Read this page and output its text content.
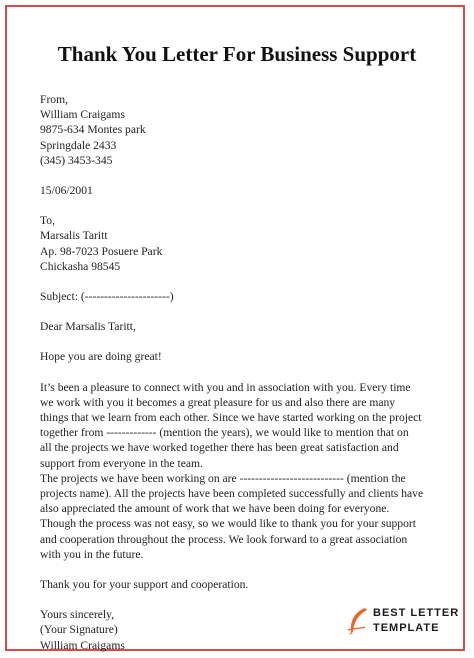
Thank You Letter For Business Support
From,
William Craigams
9875-634 Montes park
Springdale 2433
(345) 3453-345
15/06/2001
To,
Marsalis Taritt
Ap. 98-7023 Posuere Park
Chickasha 98545
Subject: (----------------------)
Dear Marsalis Taritt,
Hope you are doing great!
It’s been a pleasure to connect with you and in association with you. Every time
we work with you it becomes a great pleasure for us and also there are many
things that we learn from each other. Since we have started working on the project
together from ------------- (mention the years), we would like to mention that on
all the projects we have worked together there has been great satisfaction and
support from everyone in the team.
The projects we have been working on are --------------------------- (mention the
projects name). All the projects have been completed successfully and clients have
also appreciated the amount of work that we have been doing for everyone.
Though the process was not easy, so we would like to thank you for your support
and cooperation throughout the process. We look forward to a great association
with you in the future.
Thank you for your support and cooperation.
Yours sincerely,
(Your Signature)
William Craigams
BEST LETTER
TEMPLATE
